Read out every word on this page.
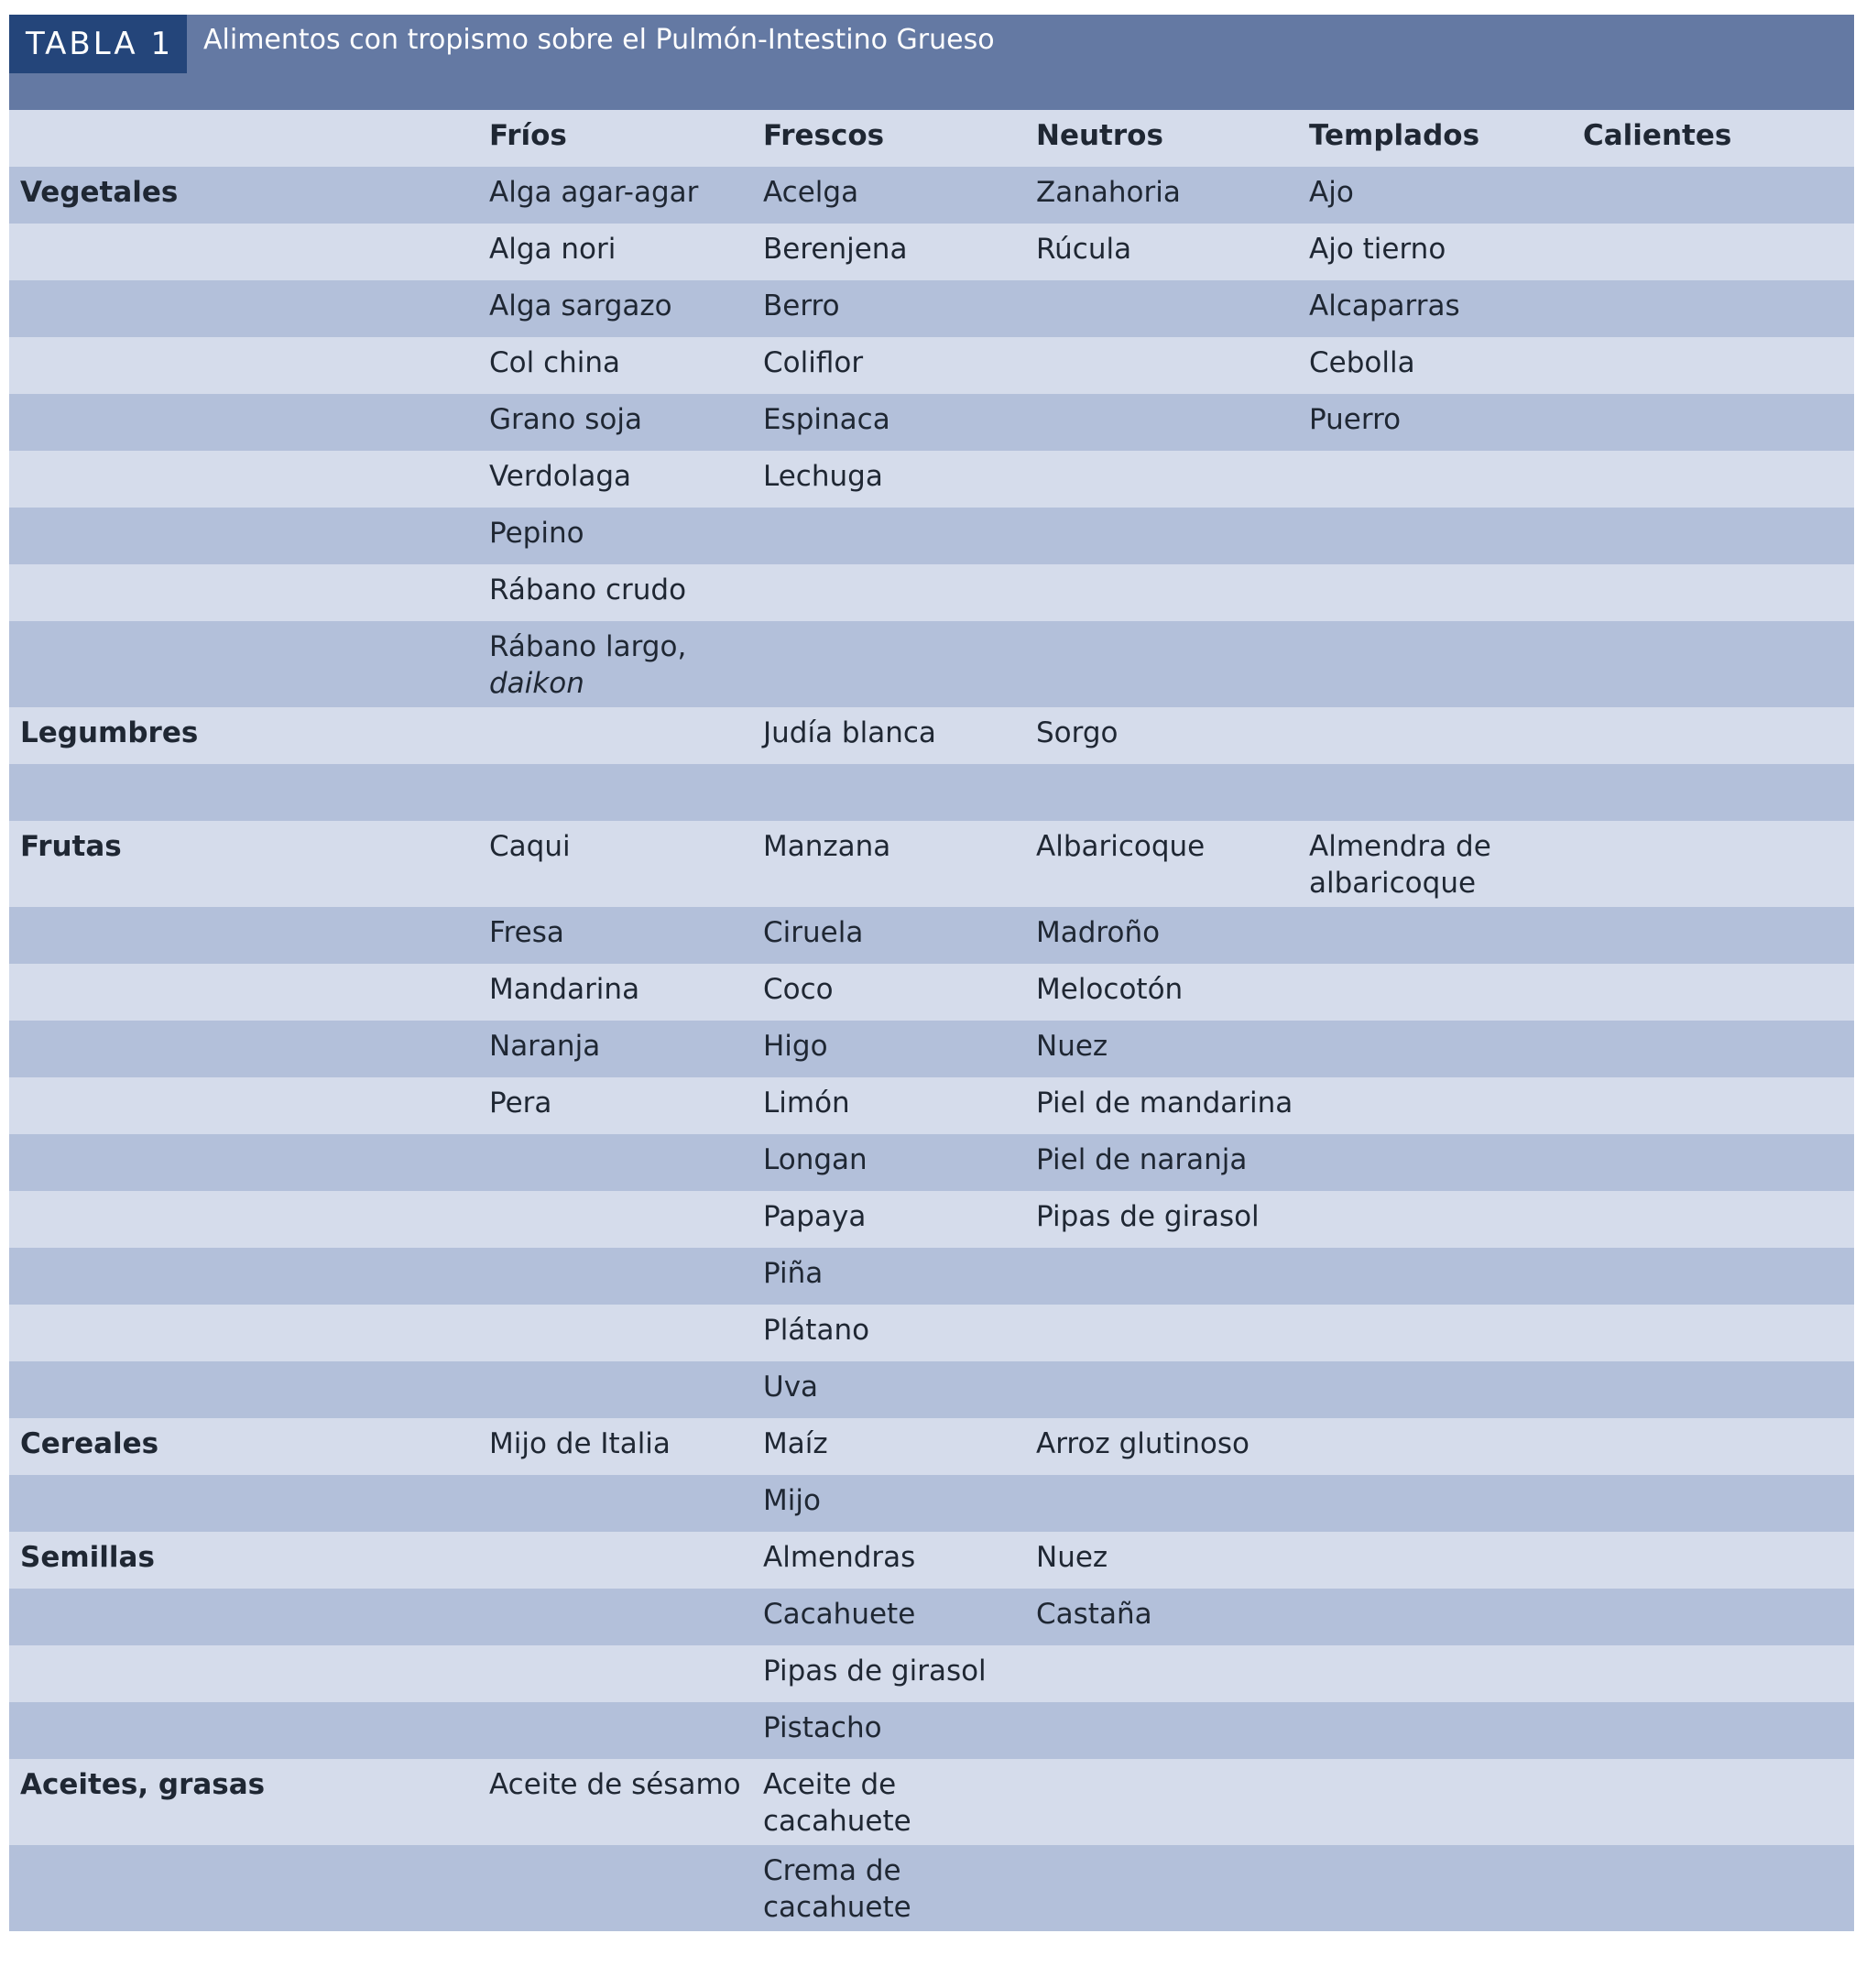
TABLA 1	Alimentos con tropismo sobre el Pulmón-Intestino Grueso
	Fríos	Frescos	Neutros	Templados	Calientes
Vegetales	Alga agar-agar	Acelga	Zanahoria	Ajo	

	Alga nori	Berenjena	Rúcula	Ajo tierno	

	Alga sargazo	Berro		Alcaparras	

	Col china	Coliflor		Cebolla	

	Grano soja	Espinaca		Puerro	

	Verdolaga	Lechuga			

	Pepino				

	Rábano crudo				

	Rábano largo,
daikon				

Legumbres		Judía blanca	Sorgo		

Frutas	Caqui	Manzana	Albaricoque	Almendra de
albaricoque	

	Fresa	Ciruela	Madroño		

	Mandarina	Coco	Melocotón		

	Naranja	Higo	Nuez		

	Pera	Limón	Piel de mandarina		

		Longan	Piel de naranja		

		Papaya	Pipas de girasol		

		Piña			

		Plátano			

		Uva			

Cereales	Mijo de Italia	Maíz	Arroz glutinoso		

		Mijo			

Semillas		Almendras	Nuez		

		Cacahuete	Castaña		

		Pipas de girasol			

		Pistacho			

Aceites, grasas	Aceite de sésamo	Aceite de
cacahuete			

		Crema de
cacahuete			
